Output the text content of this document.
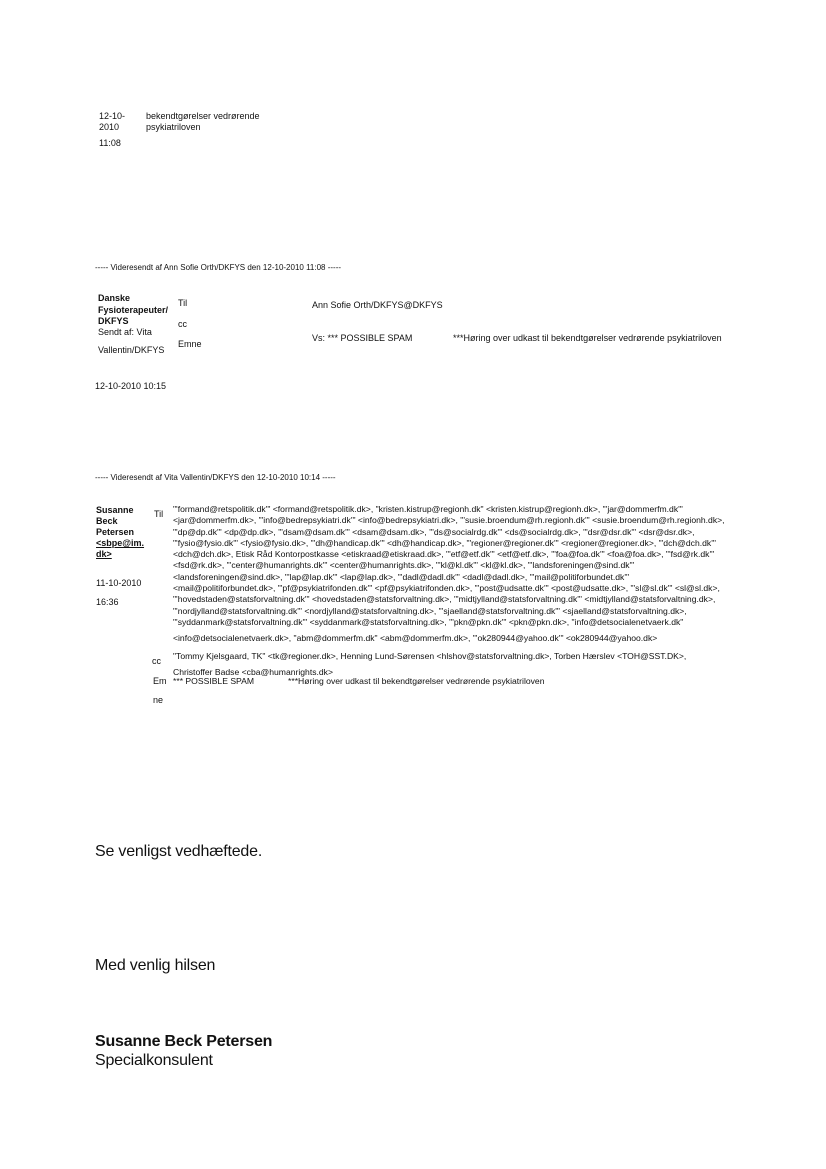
12-10-
2010
11:08
bekendtgørelser vedrørende
psykiatriloven
----- Videresendt af Ann Sofie Orth/DKFYS den 12-10-2010 11:08 -----
Danske
Fysioterapeuter/
DKFYS
Sendt af: Vita
Vallentin/DKFYS
Til
cc
Emne
Ann Sofie Orth/DKFYS@DKFYS
Vs: *** POSSIBLE SPAM	***Høring over udkast til bekendtgørelser vedrørende psykiatriloven
12-10-2010 10:15
----- Videresendt af Vita Vallentin/DKFYS den 12-10-2010 10:14 -----
Susanne
Beck
Petersen
<sbpe@im.
dk>
11-10-2010
16:36
Til "'formand@retspolitik.dk'" <formand@retspolitik.dk>, "kristen.kistrup@regionh.dk" <kristen.kistrup@regionh.dk>, "'jar@dommerfm.dk'"

<jar@dommerfm.dk>, "'info@bedrepsykiatri.dk'" <info@bedrepsykiatri.dk>, "'susie.broendum@rh.regionh.dk'" <susie.broendum@rh.regionh.dk>,

"'dp@dp.dk'" <dp@dp.dk>, "'dsam@dsam.dk'" <dsam@dsam.dk>, "'ds@socialrdg.dk'" <ds@socialrdg.dk>, "'dsr@dsr.dk'" <dsr@dsr.dk>,

"'fysio@fysio.dk'" <fysio@fysio.dk>, "'dh@handicap.dk'" <dh@handicap.dk>, "'regioner@regioner.dk'" <regioner@regioner.dk>, "'dch@dch.dk'"

<dch@dch.dk>, Etisk Råd Kontorpostkasse <etiskraad@etiskraad.dk>, "'etf@etf.dk'" <etf@etf.dk>, "'foa@foa.dk'" <foa@foa.dk>, "'fsd@rk.dk'"

<fsd@rk.dk>, "'center@humanrights.dk'" <center@humanrights.dk>, "'kl@kl.dk'" <kl@kl.dk>, "'landsforeningen@sind.dk'"

<landsforeningen@sind.dk>, "'lap@lap.dk'" <lap@lap.dk>, "'dadl@dadl.dk'" <dadl@dadl.dk>, "'mail@politiforbundet.dk'"

<mail@politiforbundet.dk>, "'pf@psykiatrifonden.dk'" <pf@psykiatrifonden.dk>, "'post@udsatte.dk'" <post@udsatte.dk>, "'sl@sl.dk'" <sl@sl.dk>,

"'hovedstaden@statsforvaltning.dk'" <hovedstaden@statsforvaltning.dk>, "'midtjylland@statsforvaltning.dk'" <midtjylland@statsforvaltning.dk>,

"'nordjylland@statsforvaltning.dk'" <nordjylland@statsforvaltning.dk>, "'sjaelland@statsforvaltning.dk'" <sjaelland@statsforvaltning.dk>,

"'syddanmark@statsforvaltning.dk'" <syddanmark@statsforvaltning.dk>, "'pkn@pkn.dk'" <pkn@pkn.dk>, "info@detsocialenetvaerk.dk"

<info@detsocialenetvaerk.dk>, "abm@dommerfm.dk" <abm@dommerfm.dk>, "'ok280944@yahoo.dk'" <ok280944@yahoo.dk>

cc "Tommy Kjelsgaard, TK" <tk@regioner.dk>, Henning Lund-Sørensen <hlshov@statsforvaltning.dk>, Torben Hærslev <TOH@SST.DK>,

Christoffer Badse <cba@humanrights.dk>

Em
ne
*** POSSIBLE SPAM	***Høring over udkast til bekendtgørelser vedrørende psykiatriloven
Se venligst vedhæftede.
Med venlig hilsen
Susanne Beck Petersen
Specialkonsulent
